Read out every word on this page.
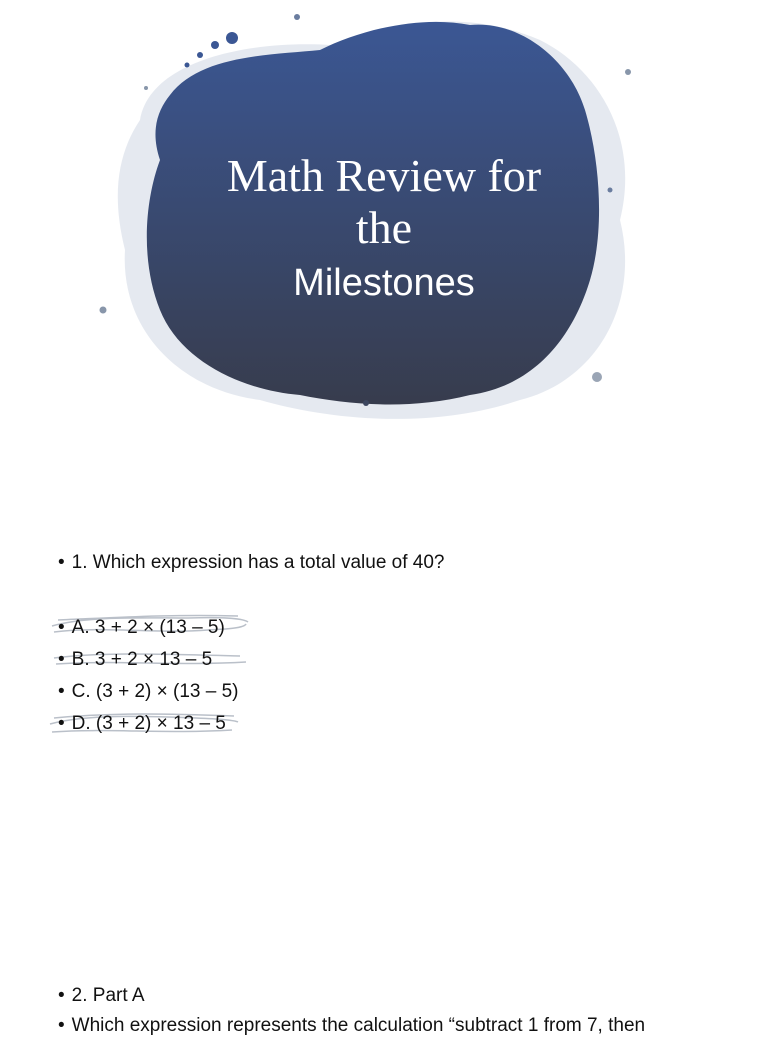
Math Review for
the
Milestones
• 1. Which expression has a total value of 40?
• A. 3 + 2 × (13 – 5)
• B. 3 + 2 × 13 – 5
• C. (3 + 2) × (13 – 5)
• D. (3 + 2) × 13 – 5
• 2. Part A
• Which expression represents the calculation “subtract 1 from 7, then
